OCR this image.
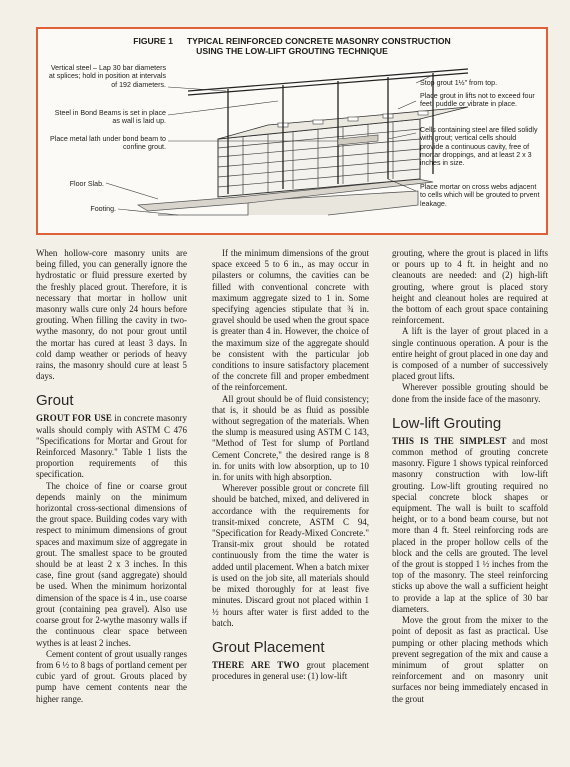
FIGURE 1 TYPICAL REINFORCED CONCRETE MASONRY CONSTRUCTION
USING THE LOW-LIFT GROUTING TECHNIQUE
Vertical steel – Lap 30 bar diameters at splices; hold in position at intervals of 192 diameters.
Steel in Bond Beams is set in place as wall is laid up.
Place metal lath under bond beam to confine grout.
Floor Slab.
Footing.
Stop grout 1½" from top.
Place grout in lifts not to exceed four feet; puddle or vibrate in place.
Cells containing steel are filled solidly with grout; vertical cells should provide a continuous cavity, free of mortar droppings, and at least 2 x 3 inches in size.
Place mortar on cross webs adjacent to cells which will be grouted to prvent leakage.

When hollow-core masonry units are being filled, you can generally ignore the hydrostatic or fluid pressure exerted by the freshly placed grout. Therefore, it is necessary that mortar in hollow unit masonry walls cure only 24 hours before grouting. When filling the cavity in two-wythe masonry, do not pour grout until the mortar has cured at least 3 days. In cold damp weather or periods of heavy rains, the masonry should cure at least 5 days.

Grout

GROUT FOR USE in concrete masonry walls should comply with ASTM C 476 "Specifications for Mortar and Grout for Reinforced Masonry." Table 1 lists the proportion requirements of this specification.

The choice of fine or coarse grout depends mainly on the minimum horizontal cross-sectional dimensions of the grout space. Building codes vary with respect to minimum dimensions of grout spaces and maximum size of aggregate in grout. The smallest space to be grouted should be at least 2 x 3 inches. In this case, fine grout (sand aggregate) should be used. When the minimum horizontal dimension of the space is 4 in., use coarse grout (containing pea gravel). Also use coarse grout for 2-wythe masonry walls if the continuous clear space between wythes is at least 2 inches.

Cement content of grout usually ranges from 6 ½ to 8 bags of portland cement per cubic yard of grout. Grouts placed by pump have cement contents near the higher range.

If the minimum dimensions of the grout space exceed 5 to 6 in., as may occur in pilasters or columns, the cavities can be filled with conventional concrete with maximum aggregate sized to 1 in. Some specifying agencies stipulate that ¾ in. gravel should be used when the grout space is greater than 4 in. However, the choice of the maximum size of the aggregate should be consistent with the particular job conditions to insure satisfactory placement of the concrete fill and proper embedment of the reinforcement.

All grout should be of fluid consistency; that is, it should be as fluid as possible without segregation of the materials. When the slump is measured using ASTM C 143, "Method of Test for slump of Portland Cement Concrete," the desired range is 8 in. for units with low absorption, up to 10 in. for units with high absorption.

Wherever possible grout or concrete fill should be batched, mixed, and delivered in accordance with the requirements for transit-mixed concrete, ASTM C 94, "Specification for Ready-Mixed Concrete." Transit-mix grout should be rotated continuously from the time the water is added until placement. When a batch mixer is used on the job site, all materials should be mixed thoroughly for at least five minutes. Discard grout not placed within 1 ½ hours after water is first added to the batch.

Grout Placement

THERE ARE TWO grout placement procedures in general use: (1) low-lift

grouting, where the grout is placed in lifts or pours up to 4 ft. in height and no cleanouts are needed: and (2) high-lift grouting, where grout is placed story height and cleanout holes are required at the bottom of each grout space containing reinforcement.

A lift is the layer of grout placed in a single continuous operation. A pour is the entire height of grout placed in one day and is composed of a number of successively placed grout lifts.

Wherever possible grouting should be done from the inside face of the masonry.

Low-lift Grouting

THIS IS THE SIMPLEST and most common method of grouting concrete masonry. Figure 1 shows typical reinforced masonry construction with low-lift grouting. Low-lift grouting required no special concrete block shapes or equipment. The wall is built to scaffold height, or to a bond beam course, but not more than 4 ft. Steel reinforcing rods are placed in the proper hollow cells of the block and the cells are grouted. The level of the grout is stopped 1 ½ inches from the top of the masonry. The steel reinforcing sticks up above the wall a sufficient height to provide a lap at the splice of 30 bar diameters.

Move the grout from the mixer to the point of deposit as fast as practical. Use pumping or other placing methods which prevent segregation of the mix and cause a minimum of grout splatter on reinforcement and on masonry unit surfaces nor being immediately encased in the grout
